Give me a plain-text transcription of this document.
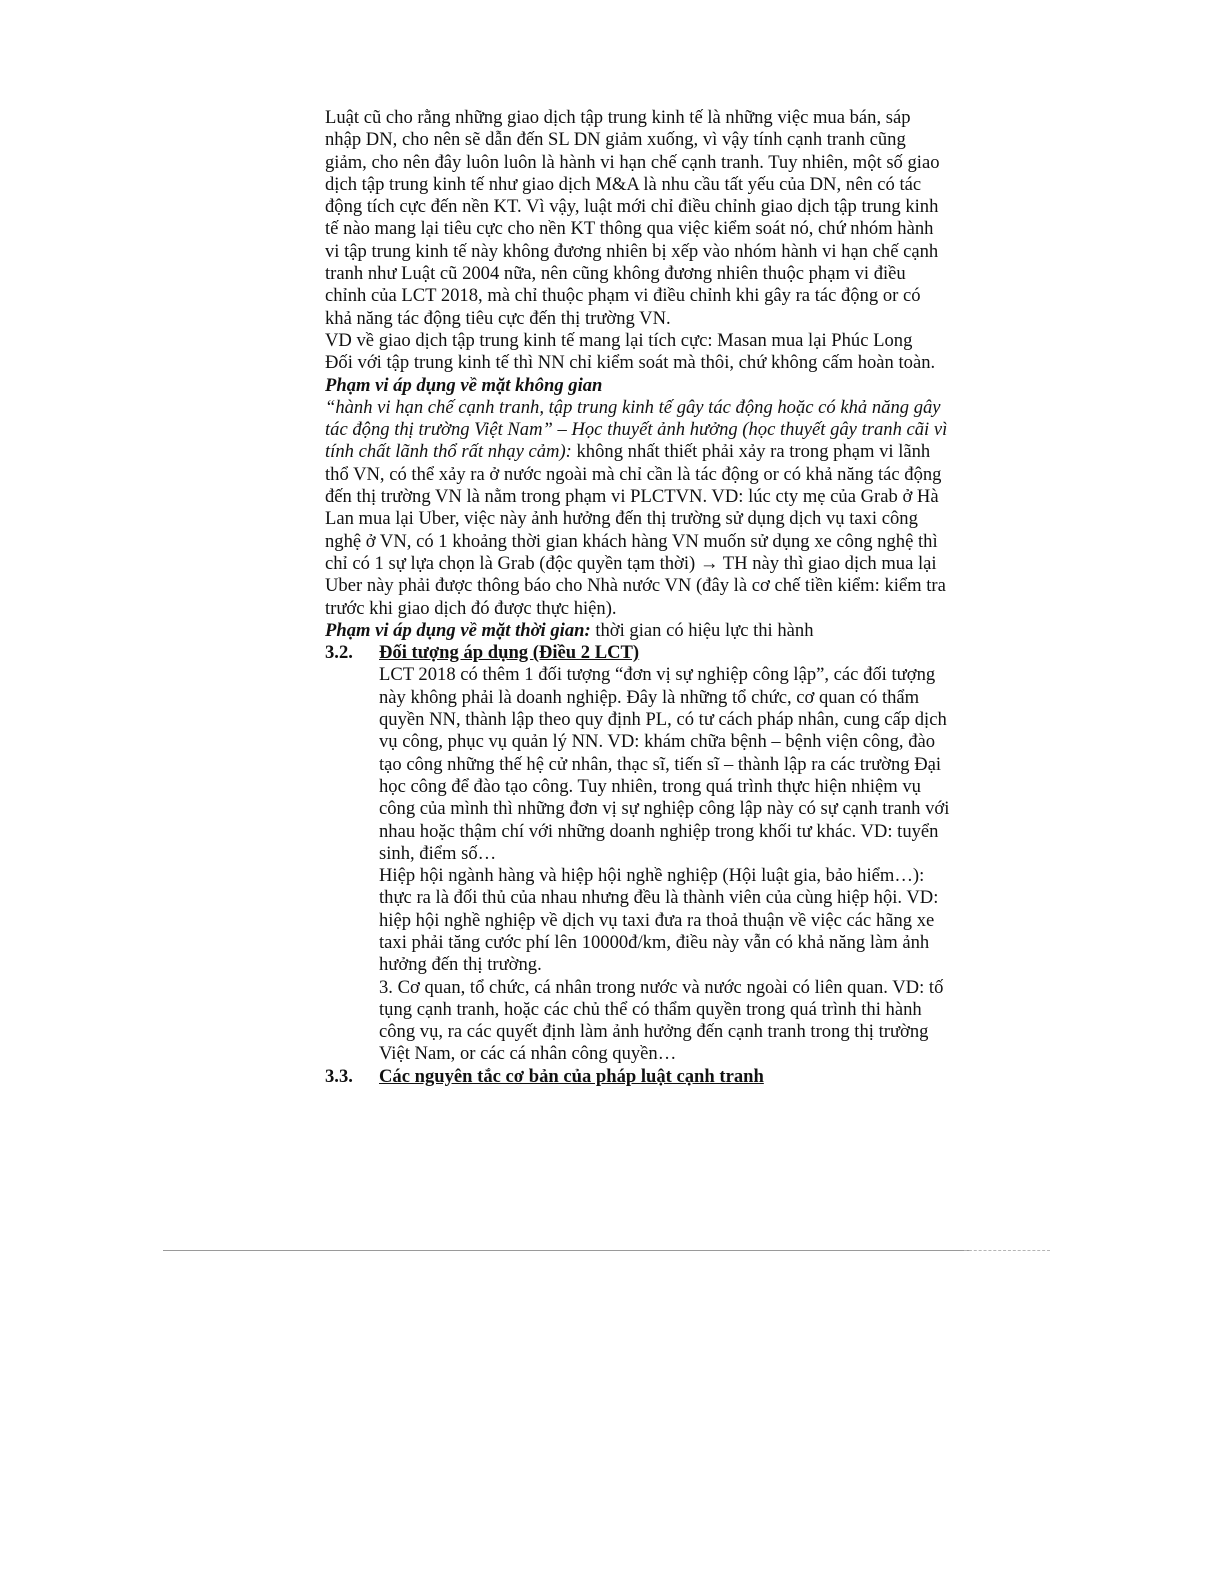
Luật cũ cho rằng những giao dịch tập trung kinh tế là những việc mua bán, sáp nhập DN, cho nên sẽ dẫn đến SL DN giảm xuống, vì vậy tính cạnh tranh cũng giảm, cho nên đây luôn luôn là hành vi hạn chế cạnh tranh. Tuy nhiên, một số giao dịch tập trung kinh tế như giao dịch M&A là nhu cầu tất yếu của DN, nên có tác động tích cực đến nền KT. Vì vậy, luật mới chỉ điều chỉnh giao dịch tập trung kinh tế nào mang lại tiêu cực cho nền KT thông qua việc kiểm soát nó, chứ nhóm hành vi tập trung kinh tế này không đương nhiên bị xếp vào nhóm hành vi hạn chế cạnh tranh như Luật cũ 2004 nữa, nên cũng không đương nhiên thuộc phạm vi điều chỉnh của LCT 2018, mà chỉ thuộc phạm vi điều chỉnh khi gây ra tác động or có khả năng tác động tiêu cực đến thị trường VN.

VD về giao dịch tập trung kinh tế mang lại tích cực: Masan mua lại Phúc Long

Đối với tập trung kinh tế thì NN chỉ kiểm soát mà thôi, chứ không cấm hoàn toàn.

Phạm vi áp dụng về mặt không gian

“hành vi hạn chế cạnh tranh, tập trung kinh tế gây tác động hoặc có khả năng gây tác động thị trường Việt Nam” – Học thuyết ảnh hưởng (học thuyết gây tranh cãi vì tính chất lãnh thổ rất nhạy cảm): không nhất thiết phải xảy ra trong phạm vi lãnh thổ VN, có thể xảy ra ở nước ngoài mà chỉ cần là tác động or có khả năng tác động đến thị trường VN là nằm trong phạm vi PLCTVN. VD: lúc cty mẹ của Grab ở Hà Lan mua lại Uber, việc này ảnh hưởng đến thị trường sử dụng dịch vụ taxi công nghệ ở VN, có 1 khoảng thời gian khách hàng VN muốn sử dụng xe công nghệ thì chỉ có 1 sự lựa chọn là Grab (độc quyền tạm thời) → TH này thì giao dịch mua lại Uber này phải được thông báo cho Nhà nước VN (đây là cơ chế tiền kiểm: kiểm tra trước khi giao dịch đó được thực hiện).

Phạm vi áp dụng về mặt thời gian: thời gian có hiệu lực thi hành

3.2. Đối tượng áp dụng (Điều 2 LCT)

LCT 2018 có thêm 1 đối tượng “đơn vị sự nghiệp công lập”, các đối tượng này không phải là doanh nghiệp. Đây là những tổ chức, cơ quan có thẩm quyền NN, thành lập theo quy định PL, có tư cách pháp nhân, cung cấp dịch vụ công, phục vụ quản lý NN. VD: khám chữa bệnh – bệnh viện công, đào tạo công những thế hệ cử nhân, thạc sĩ, tiến sĩ – thành lập ra các trường Đại học công để đào tạo công. Tuy nhiên, trong quá trình thực hiện nhiệm vụ công của mình thì những đơn vị sự nghiệp công lập này có sự cạnh tranh với nhau hoặc thậm chí với những doanh nghiệp trong khối tư khác. VD: tuyển sinh, điểm số…

Hiệp hội ngành hàng và hiệp hội nghề nghiệp (Hội luật gia, bảo hiểm…): thực ra là đối thủ của nhau nhưng đều là thành viên của cùng hiệp hội. VD: hiệp hội nghề nghiệp về dịch vụ taxi đưa ra thoả thuận về việc các hãng xe taxi phải tăng cước phí lên 10000đ/km, điều này vẫn có khả năng làm ảnh hưởng đến thị trường.

3. Cơ quan, tổ chức, cá nhân trong nước và nước ngoài có liên quan. VD: tố tụng cạnh tranh, hoặc các chủ thể có thẩm quyền trong quá trình thi hành công vụ, ra các quyết định làm ảnh hưởng đến cạnh tranh trong thị trường Việt Nam, or các cá nhân công quyền…

3.3. Các nguyên tắc cơ bản của pháp luật cạnh tranh
